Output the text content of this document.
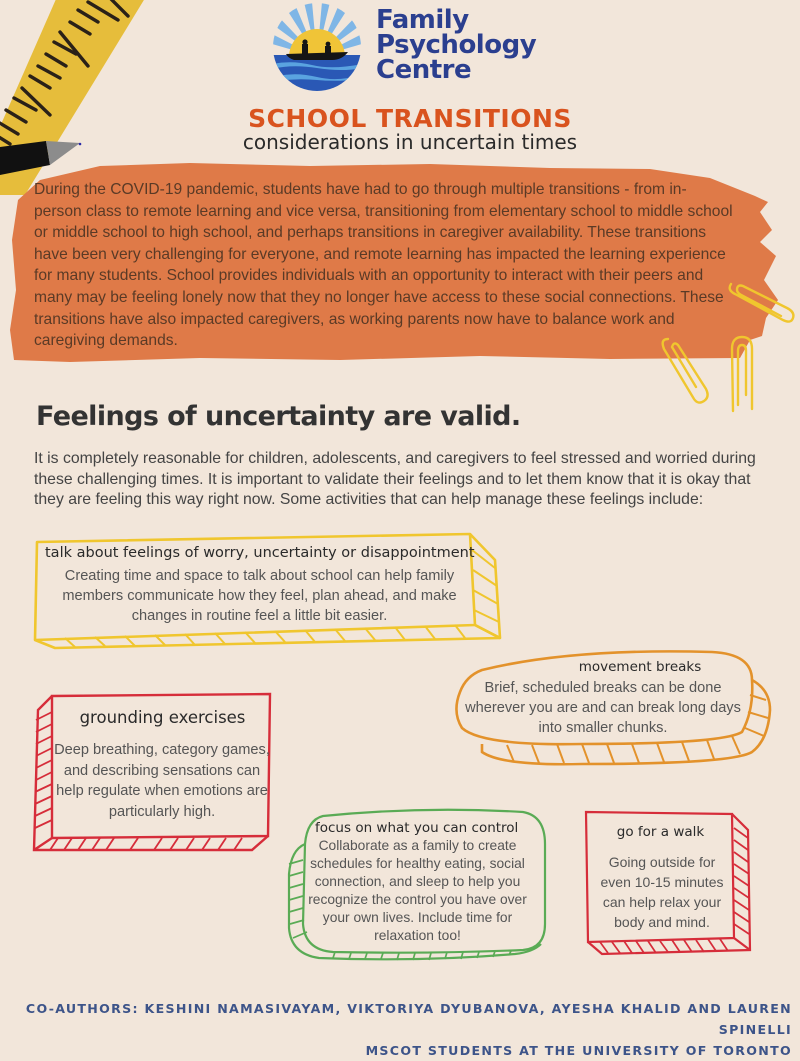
Family
Psychology
Centre
SCHOOL TRANSITIONS
considerations in uncertain times
During the COVID-19 pandemic, students have had to go through multiple transitions - from in-person class to remote learning and vice versa, transitioning from elementary school to middle school or middle school to high school, and perhaps transitions in caregiver availability. These transitions have been very challenging for everyone, and remote learning has impacted the learning experience for many students. School provides individuals with an opportunity to interact with their peers and many may be feeling lonely now that they no longer have access to these social connections. These transitions have also impacted caregivers, as working parents now have to balance work and caregiving demands.
Feelings of uncertainty are valid.
It is completely reasonable for children, adolescents, and caregivers to feel stressed and worried during these challenging times. It is important to validate their feelings and to let them know that it is okay that they are feeling this way right now. Some activities that can help manage these feelings include:
talk about feelings of worry, uncertainty or disappointment
Creating time and space to talk about school can help family members communicate how they feel, plan ahead, and make changes in routine feel a little bit easier.
movement breaks
Brief, scheduled breaks can be done wherever you are and can break long days into smaller chunks.
grounding exercises
Deep breathing, category games, and describing sensations can help regulate when emotions are particularly high.
focus on what you can control
Collaborate as a family to create schedules for healthy eating, social connection, and sleep to help you recognize the control you have over your own lives. Include time for relaxation too!
go for a walk
Going outside for even 10-15 minutes can help relax your body and mind.
CO-AUTHORS: KESHINI NAMASIVAYAM, VIKTORIYA DYUBANOVA, AYESHA KHALID AND LAUREN SPINELLI
MSCOT STUDENTS AT THE UNIVERSITY OF TORONTO
